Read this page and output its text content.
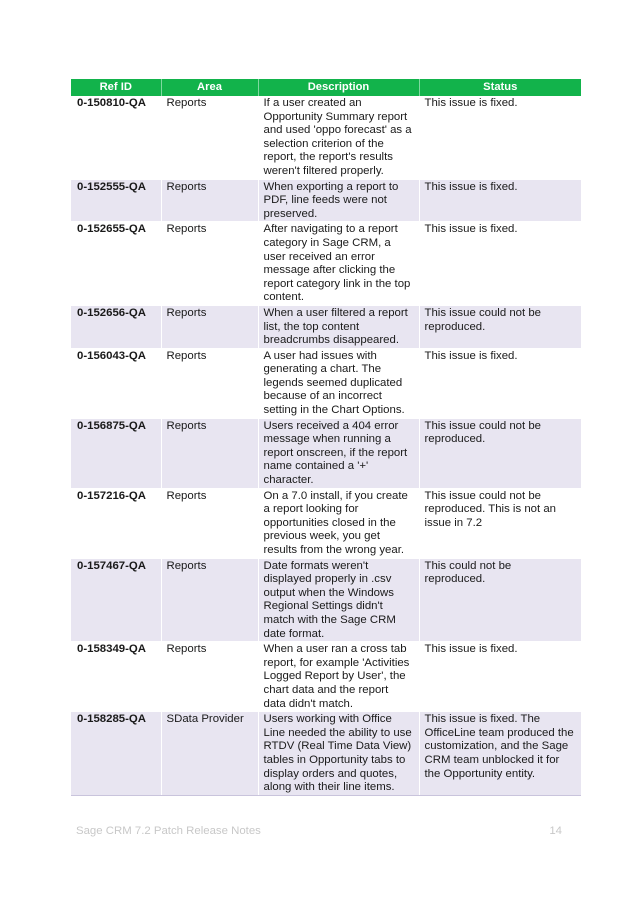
Ref ID	Area	Description	Status
0-150810-QA	Reports	If a user created an Opportunity Summary report and used 'oppo forecast' as a selection criterion of the report, the report's results weren't filtered properly.	This issue is fixed.
0-152555-QA	Reports	When exporting a report to PDF, line feeds were not preserved.	This issue is fixed.
0-152655-QA	Reports	After navigating to a report category in Sage CRM, a user received an error message after clicking the report category link in the top content.	This issue is fixed.
0-152656-QA	Reports	When a user filtered a report list, the top content breadcrumbs disappeared.	This issue could not be reproduced.
0-156043-QA	Reports	A user had issues with generating a chart. The legends seemed duplicated because of an incorrect setting in the Chart Options.	This issue is fixed.
0-156875-QA	Reports	Users received a 404 error message when running a report onscreen, if the report name contained a '+' character.	This issue could not be reproduced.
0-157216-QA	Reports	On a 7.0 install, if you create a report looking for opportunities closed in the previous week, you get results from the wrong year.	This issue could not be reproduced. This is not an issue in 7.2
0-157467-QA	Reports	Date formats weren't displayed properly in .csv output when the Windows Regional Settings didn't match with the Sage CRM date format.	This could not be reproduced.
0-158349-QA	Reports	When a user ran a cross tab report, for example 'Activities Logged Report by User', the chart data and the report data didn't match.	This issue is fixed.
0-158285-QA	SData Provider	Users working with Office Line needed the ability to use RTDV (Real Time Data View) tables in Opportunity tabs to display orders and quotes, along with their line items.	This issue is fixed. The OfficeLine team produced the customization, and the Sage CRM team unblocked it for the Opportunity entity.
Sage CRM 7.2 Patch Release Notes	14
